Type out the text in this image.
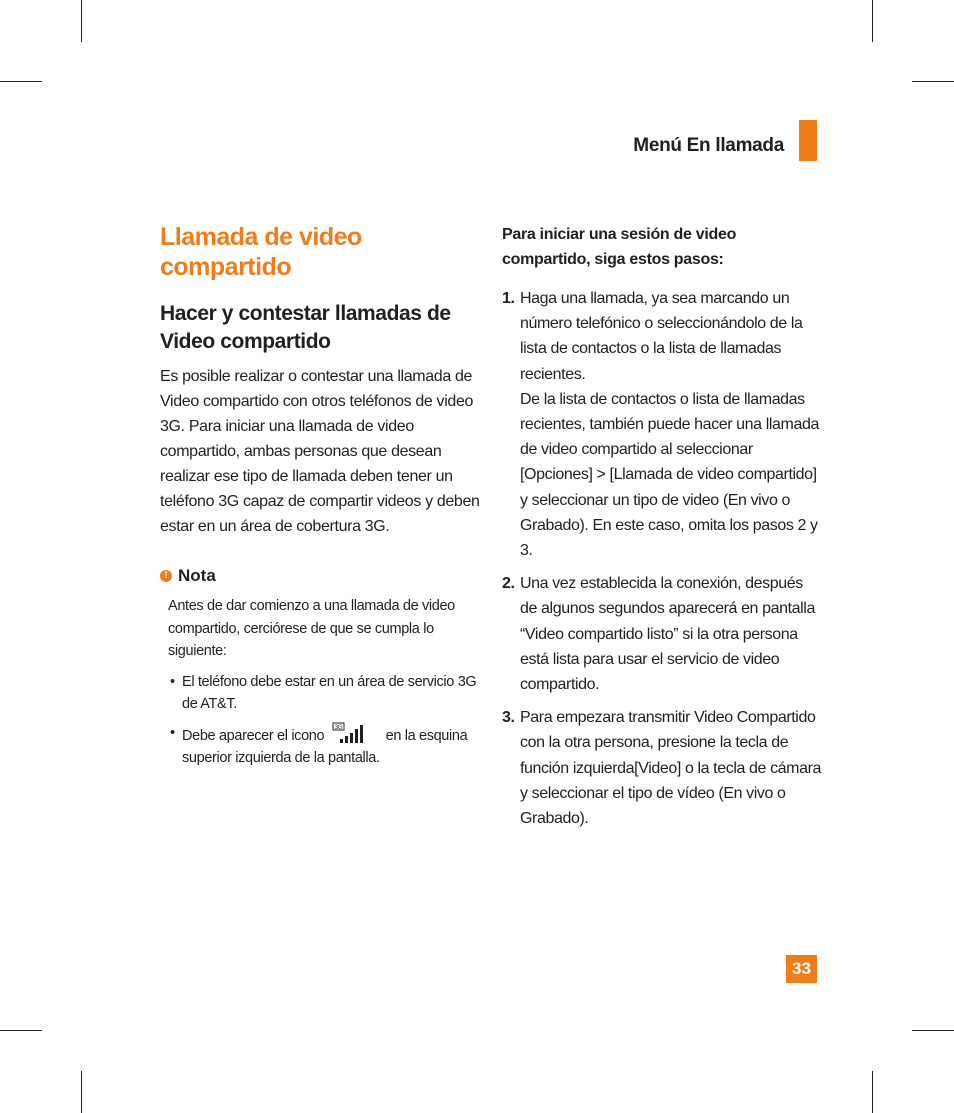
Menú En llamada
Llamada de video
compartido
Hacer y contestar llamadas de
Video compartido

Es posible realizar o contestar una llamada de Video compartido con otros teléfonos de video 3G. Para iniciar una llamada de video compartido, ambas personas que desean realizar ese tipo de llamada deben tener un teléfono 3G capaz de compartir videos y deben estar en un área de cobertura 3G.

! Nota

Antes de dar comienzo a una llamada de video compartido, cerciórese de que se cumpla lo siguiente:

• El teléfono debe estar en un área de servicio 3G de AT&T.
• Debe aparecer el icono 3G	en la esquina superior izquierda de la pantalla.

Para iniciar una sesión de video compartido, siga estos pasos:

1. Haga una llamada, ya sea marcando un número telefónico o seleccionándolo de la lista de contactos o la lista de llamadas recientes.
De la lista de contactos o lista de llamadas recientes, también puede hacer una llamada de video compartido al seleccionar [Opciones] > [Llamada de video compartido] y seleccionar un tipo de video (En vivo o Grabado). En este caso, omita los pasos 2 y 3.
2. Una vez establecida la conexión, después de algunos segundos aparecerá en pantalla “Video compartido listo” si la otra persona está lista para usar el servicio de video compartido.
3. Para empezara transmitir Video Compartido con la otra persona, presione la tecla de función izquierda[Video] o la tecla de cámara y seleccionar el tipo de vídeo (En vivo o Grabado).
33
